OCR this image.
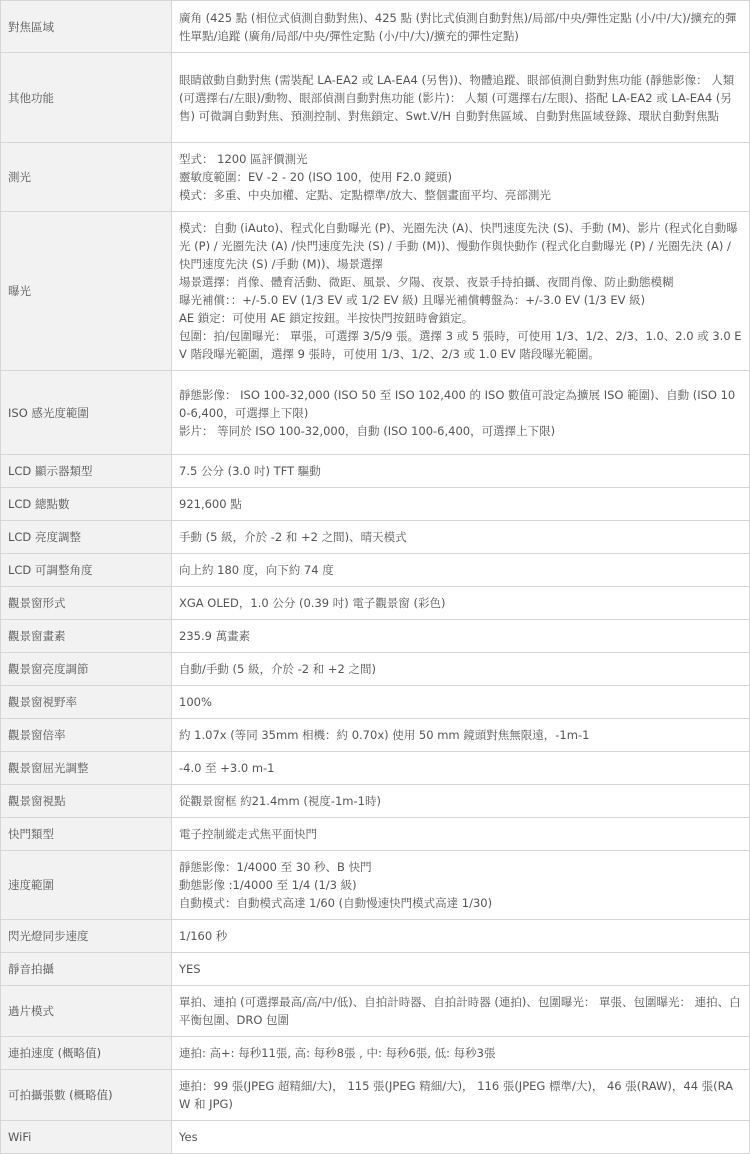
對焦區域	廣角 (425 點 (相位式偵測自動對焦)、425 點 (對比式偵測自動對焦)/局部/中央/彈性定點 (小/中/大)/擴充的彈性單點/追蹤 (廣角/局部/中央/彈性定點 (小/中/大)/擴充的彈性定點)

其他功能	眼睛啟動自動對焦 (需裝配 LA-EA2 或 LA-EA4 (另售))、物體追蹤、眼部偵測自動對焦功能 (靜態影像： 人類 (可選擇右/左眼)/動物、眼部偵測自動對焦功能 (影片)： 人類 (可選擇右/左眼)、搭配 LA-EA2 或 LA-EA4 (另售) 可微調自動對焦、預測控制、對焦鎖定、Swt.V/H 自動對焦區域、自動對焦區域登錄、環狀自動對焦點

測光	型式： 1200 區評價測光
靈敏度範圍：EV -2 - 20 (ISO 100，使用 F2.0 鏡頭)
模式：多重、中央加權、定點、定點標準/放大、整個畫面平均、亮部測光

曝光	模式：自動 (iAuto)、程式化自動曝光 (P)、光圈先決 (A)、快門速度先決 (S)、手動 (M)、影片 (程式化自動曝光 (P) / 光圈先決 (A) /快門速度先決 (S) / 手動 (M))、慢動作與快動作 (程式化自動曝光 (P) / 光圈先決 (A) / 快門速度先決 (S) /手動 (M))、場景選擇
場景選擇：肖像、體育活動、微距、風景、夕陽、夜景、夜景手持拍攝、夜間肖像、防止動態模糊
曝光補償：：+/-5.0 EV (1/3 EV 或 1/2 EV 級) 且曝光補償轉盤為：+/-3.0 EV (1/3 EV 級)
AE 鎖定：可使用 AE 鎖定按鈕。半按快門按鈕時會鎖定。
包圍：拍/包圍曝光： 單張，可選擇 3/5/9 張。選擇 3 或 5 張時，可使用 1/3、1/2、2/3、1.0、2.0 或 3.0 EV 階段曝光範圍，選擇 9 張時，可使用 1/3、1/2、2/3 或 1.0 EV 階段曝光範圍。

ISO 感光度範圍	靜態影像： ISO 100-32,000 (ISO 50 至 ISO 102,400 的 ISO 數值可設定為擴展 ISO 範圍)、自動 (ISO 100-6,400，可選擇上下限)
影片： 等同於 ISO 100-32,000，自動 (ISO 100-6,400，可選擇上下限)

LCD 顯示器類型	7.5 公分 (3.0 吋) TFT 驅動

LCD 總點數	921,600 點

LCD 亮度調整	手動 (5 級，介於 -2 和 +2 之間)、晴天模式

LCD 可調整角度	向上約 180 度，向下約 74 度

觀景窗形式	XGA OLED，1.0 公分 (0.39 吋) 電子觀景窗 (彩色)

觀景窗畫素	235.9 萬畫素

觀景窗亮度調節	自動/手動 (5 級，介於 -2 和 +2 之間)

觀景窗視野率	100%

觀景窗倍率	約 1.07x (等同 35mm 相機：約 0.70x) 使用 50 mm 鏡頭對焦無限遠，-1m-1

觀景窗屈光調整	-4.0 至 +3.0 m-1

觀景窗視點	從觀景窗框 約21.4mm (視度-1m-1時)

快門類型	電子控制縱走式焦平面快門

速度範圍	靜態影像：1/4000 至 30 秒、B 快門
動態影像 :1/4000 至 1/4 (1/3 級)
自動模式：自動模式高達 1/60 (自動慢速快門模式高達 1/30)

閃光燈同步速度	1/160 秒

靜音拍攝	YES

過片模式	單拍、連拍 (可選擇最高/高/中/低)、自拍計時器、自拍計時器 (連拍)、包圍曝光： 單張、包圍曝光： 連拍、白平衡包圍、DRO 包圍

連拍速度 (概略值)	連拍: 高+: 每秒11張, 高: 每秒8張 , 中: 每秒6張, 低: 每秒3張

可拍攝張數 (概略值)	連拍：99 張(JPEG 超精細/大)， 115 張(JPEG 精細/大)， 116 張(JPEG 標準/大)， 46 張(RAW)，44 張(RAW 和 JPG)

WiFi	Yes
